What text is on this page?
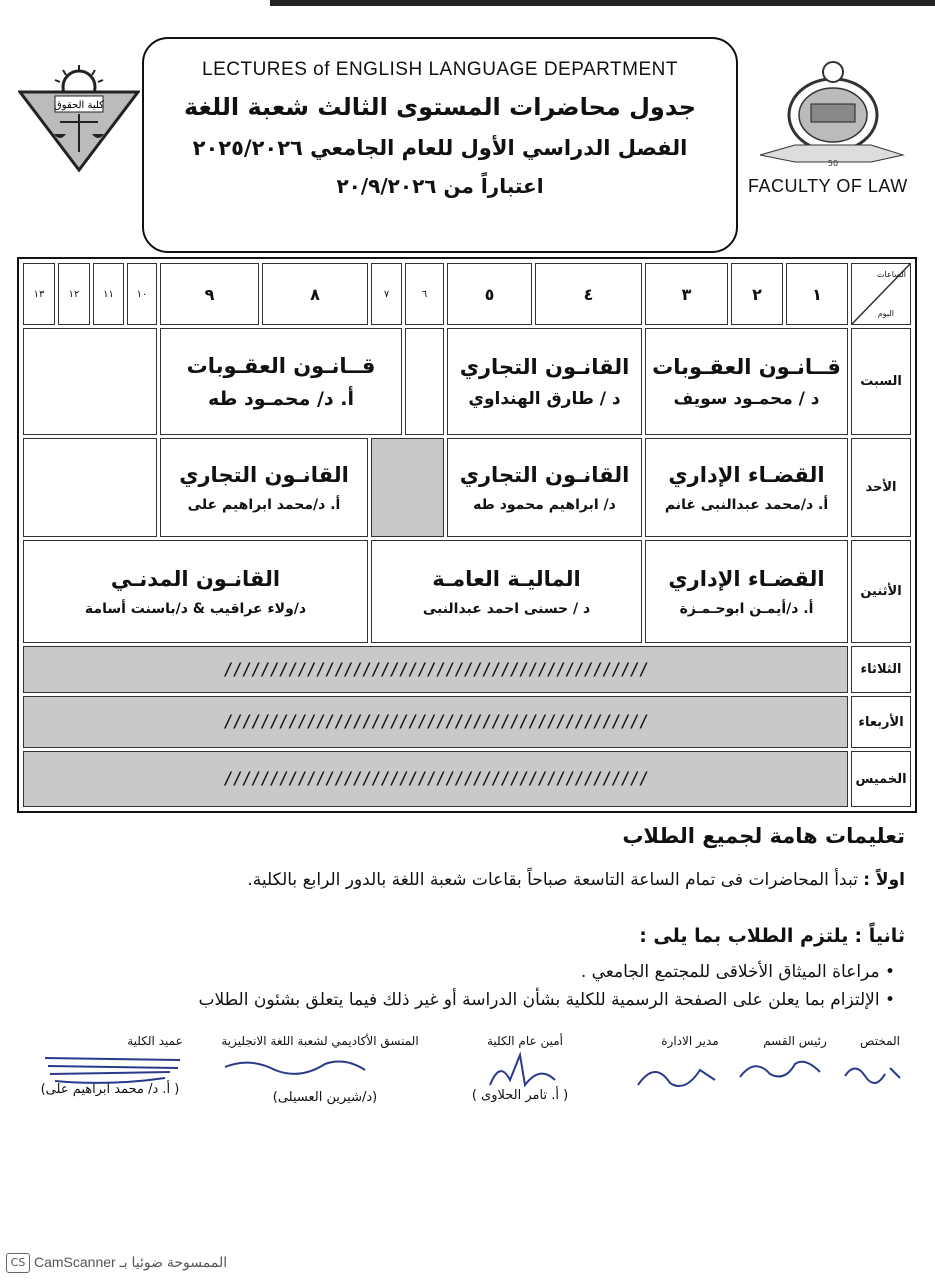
كلية الحقوق
50
FACULTY OF LAW
LECTURES of ENGLISH LANGUAGE DEPARTMENT
جدول محاضرات المستوى الثالث شعبة اللغة
الفصل الدراسي الأول للعام الجامعي ٢٠٢٥/٢٠٢٦
اعتباراً من ٢٠/٩/٢٠٢٦
الساعات
اليوم
١
٢
٣
٤
٥
٦
٧
٨
٩
١٠
١١
١٢
١٣
السبت
قــانـون العقـوبات
د / محمـود سويف
القانـون التجاري
د / طارق الهنداوي
قــانـون العقـوبات
أ. د/ محمـود طه
الأحد
القضـاء الإداري
أ. د/محمد عبدالنبى غانم
القانـون التجاري
د/ ابراهيم محمود طه
القانـون التجاري
أ. د/محمد ابراهيم على
الأثنين
القضـاء الإداري
أ. د/أيمـن ابوحـمـزة
الماليـة العامـة
د / حسنى احمد عبدالنبى
القانـون المدنـي
د/ولاء عراقيب & د/باسنت أسامة
الثلاثاء
//////////////////////////////////////////////
الأربعاء
//////////////////////////////////////////////
الخميس
//////////////////////////////////////////////
تعليمات هامة لجميع الطلاب
اولاً : تبدأ المحاضرات فى تمام الساعة التاسعة صباحاً بقاعات شعبة اللغة بالدور الرابع بالكلية.
ثانياً : يلتزم الطلاب بما يلى :
• مراعاة الميثاق الأخلاقى للمجتمع الجامعي .
• الإلتزام بما يعلن على الصفحة الرسمية للكلية بشأن الدراسة أو غير ذلك فيما يتعلق بشئون الطلاب
المختص
رئيس القسم
مدير الادارة
أمين عام الكلية
( أ. تامر الحلاوى )
المنسق الأكاديمي لشعبة اللغة الانجليزية
(د/شيرين العسيلى)
عميد الكلية
( أ. د/ محمد ابراهيم على)
CS CamScanner الممسوحة ضوئيا بـ
